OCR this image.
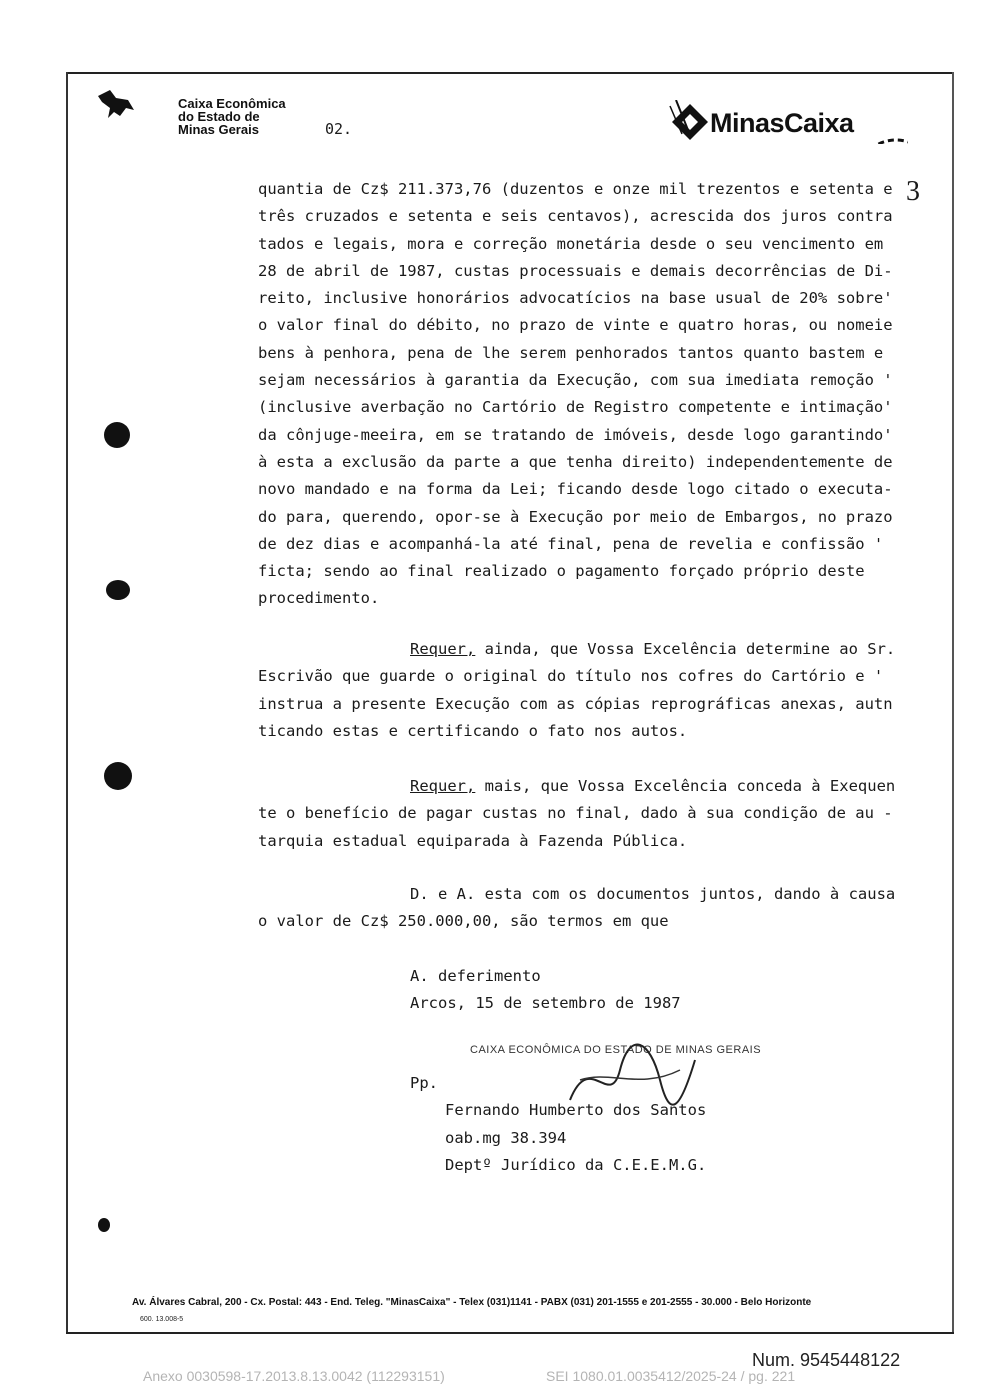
Caixa Econômica
do Estado de
Minas Gerais	02.	MinasCaixa
3

quantia de Cz$ 211.373,76 (duzentos e onze mil trezentos e setenta e

três cruzados e setenta e seis centavos), acrescida dos juros contra

tados e legais, mora e correção monetária desde o seu vencimento em

28 de abril de 1987, custas processuais e demais decorrências de Di-

reito, inclusive honorários advocatícios na base usual de 20% sobre'

o valor final do débito, no prazo de vinte e quatro horas, ou nomeie

bens à penhora, pena de lhe serem penhorados tantos quanto bastem e

sejam necessários à garantia da Execução, com sua imediata remoção '

(inclusive averbação no Cartório de Registro competente e intimação'

da cônjuge-meeira, em se tratando de imóveis, desde logo garantindo'

à esta a exclusão da parte a que tenha direito) independentemente de

novo mandado e na forma da Lei; ficando desde logo citado o executa-

do para, querendo, opor-se à Execução por meio de Embargos, no prazo

de dez dias e acompanhá-la até final, pena de revelia e confissão '

ficta; sendo ao final realizado o pagamento forçado próprio deste

procedimento.

Requer, ainda, que Vossa Excelência determine ao Sr.

Escrivão que guarde o original do título nos cofres do Cartório e '

instrua a presente Execução com as cópias reprográficas anexas, autn

ticando estas e certificando o fato nos autos.

Requer, mais, que Vossa Excelência conceda à Exequen

te o benefício de pagar custas no final, dado à sua condição de au -

tarquia estadual equiparada à Fazenda Pública.

D. e A. esta com os documentos juntos, dando à causa

o valor de Cz$ 250.000,00, são termos em que

A. deferimento

Arcos, 15 de setembro de 1987

CAIXA ECONÔMICA DO ESTADO DE MINAS GERAIS

Pp.

Fernando Humberto dos Santos

oab.mg 38.394

Deptº Jurídico da C.E.E.M.G.

Av. Álvares Cabral, 200 - Cx. Postal: 443 - End. Teleg. "MinasCaixa" - Telex (031)1141 - PABX (031) 201-1555 e 201-2555 - 30.000 - Belo Horizonte
600. 13.008-5
Num. 9545448122
Anexo 0030598-17.2013.8.13.0042 (112293151)	SEI 1080.01.0035412/2025-24 / pg. 221
